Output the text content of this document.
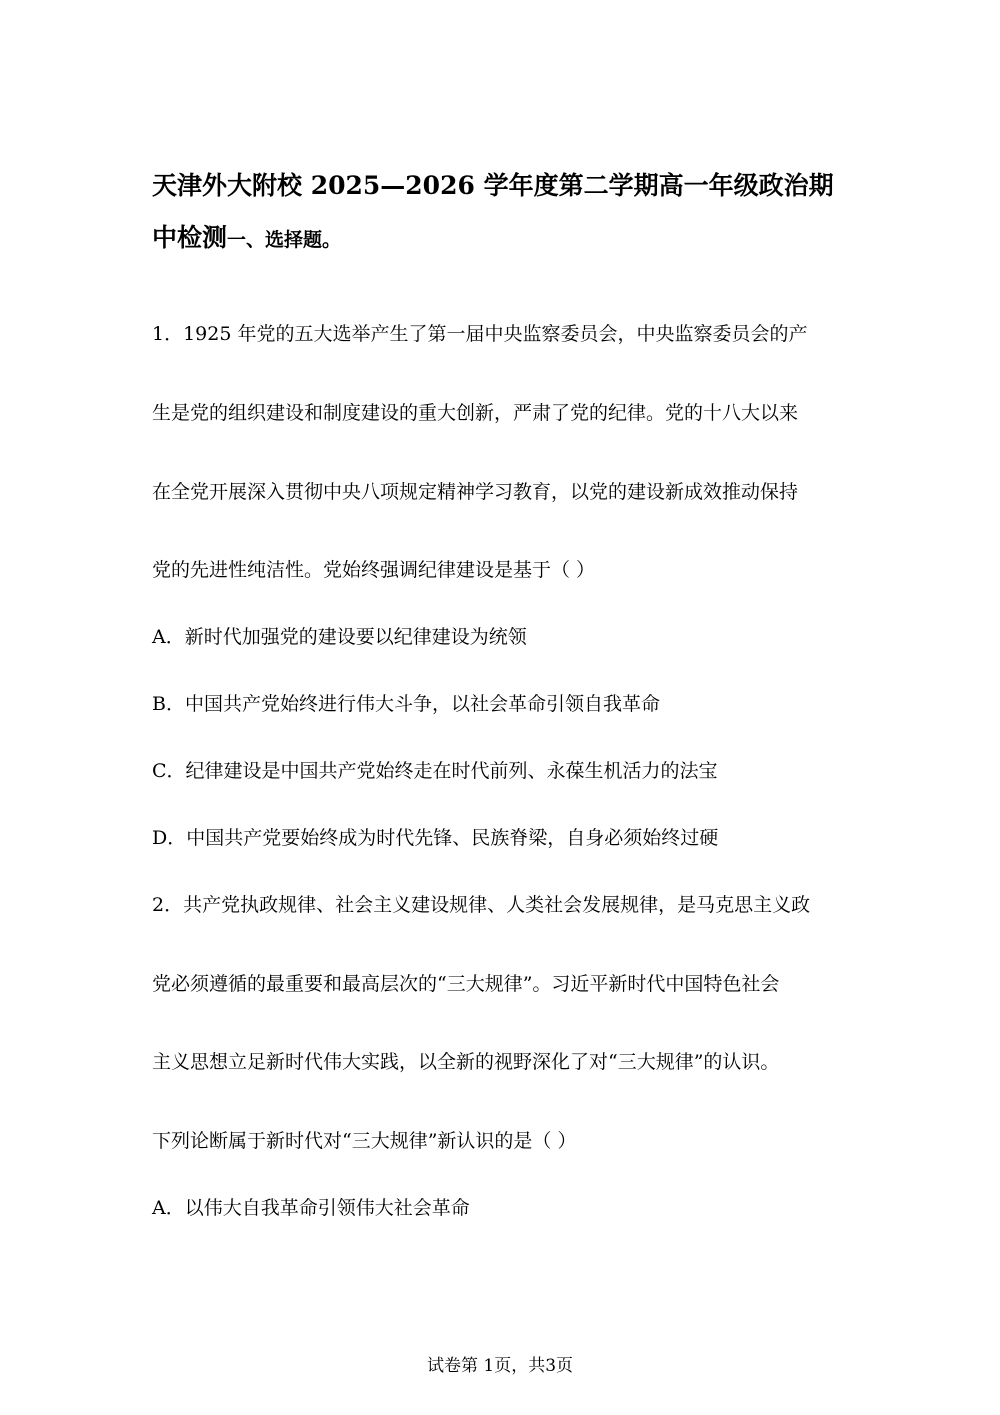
天津外大附校 2025—2026 学年度第二学期高一年级政治期
中检测一、选择题。
1．1925 年党的五大选举产生了第一届中央监察委员会，中央监察委员会的产
生是党的组织建设和制度建设的重大创新，严肃了党的纪律。党的十八大以来
在全党开展深入贯彻中央八项规定精神学习教育，以党的建设新成效推动保持
党的先进性纯洁性。党始终强调纪律建设是基于（ ）
A．新时代加强党的建设要以纪律建设为统领
B．中国共产党始终进行伟大斗争，以社会革命引领自我革命
C．纪律建设是中国共产党始终走在时代前列、永葆生机活力的法宝
D．中国共产党要始终成为时代先锋、民族脊梁，自身必须始终过硬
2．共产党执政规律、社会主义建设规律、人类社会发展规律，是马克思主义政
党必须遵循的最重要和最高层次的“三大规律”。习近平新时代中国特色社会
主义思想立足新时代伟大实践，以全新的视野深化了对“三大规律”的认识。
下列论断属于新时代对“三大规律”新认识的是（ ）
A．以伟大自我革命引领伟大社会革命
试卷第 1页，共3页
